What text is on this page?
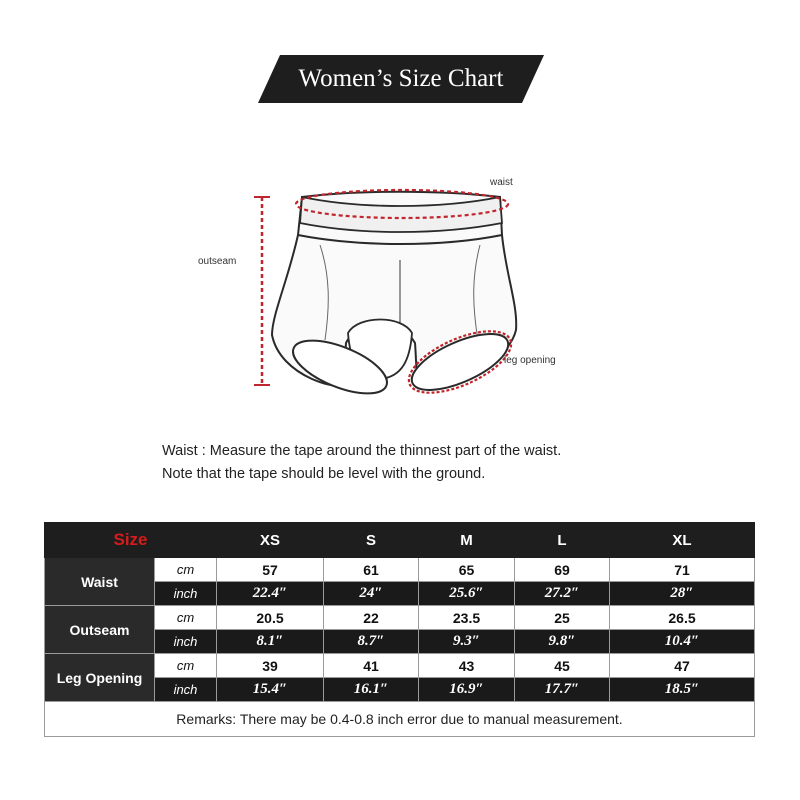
Women’s Size Chart
waist
outseam
leg opening
Waist : Measure the tape around the thinnest part of the waist.
Note that the tape should be level with the ground.
Size		XS	S	M	L	XL
Waist	cm	57	61	65	69	71
	inch	22.4″	24″	25.6″	27.2″	28″
Outseam	cm	20.5	22	23.5	25	26.5
	inch	8.1″	8.7″	9.3″	9.8″	10.4″
Leg Opening	cm	39	41	43	45	47
	inch	15.4″	16.1″	16.9″	17.7″	18.5″
Remarks: There may be 0.4-0.8 inch error due to manual measurement.						
